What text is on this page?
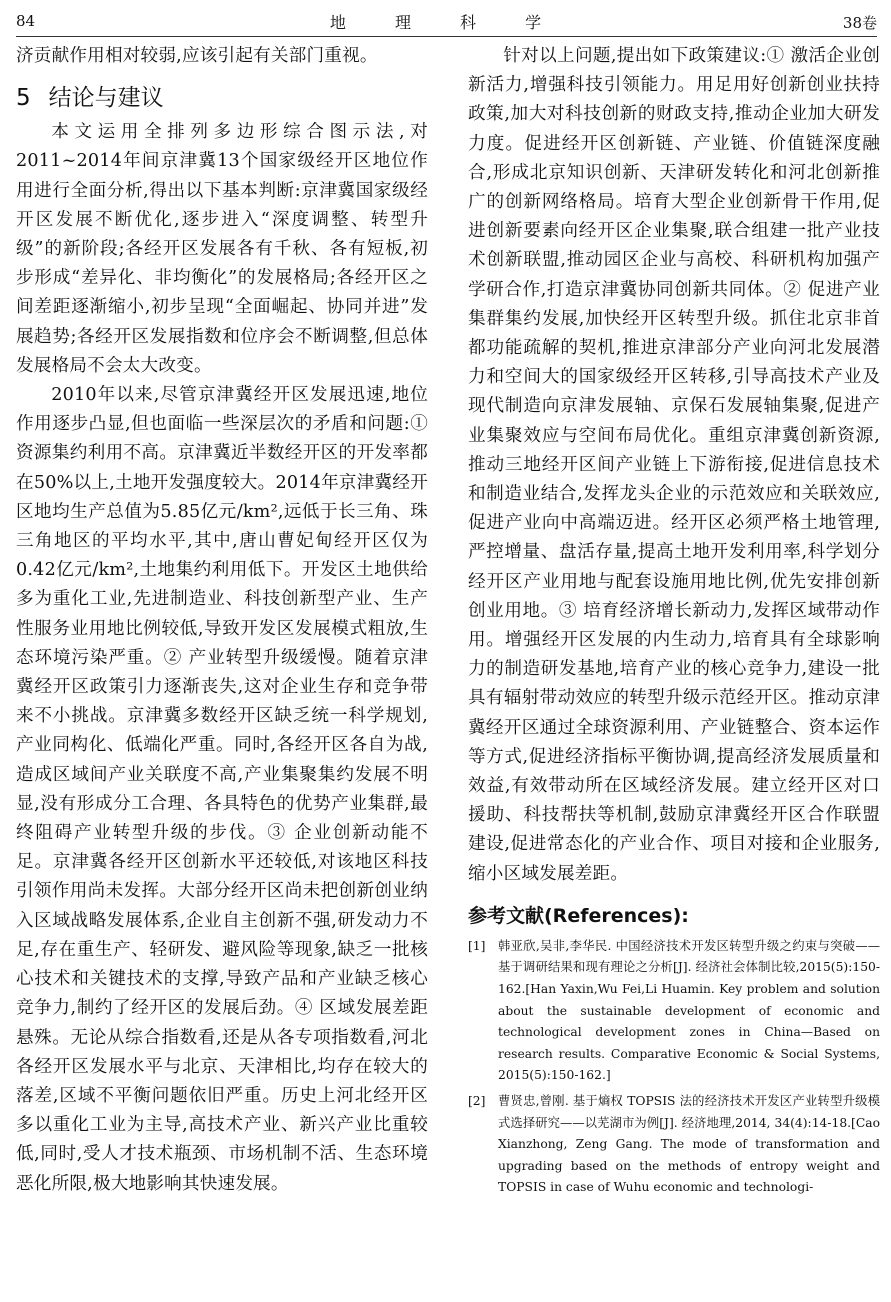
84	地 理 科 学	38卷

济贡献作用相对较弱,应该引起有关部门重视。

5 结论与建议

本文运用全排列多边形综合图示法,对2011~2014年间京津冀13个国家级经开区地位作用进行全面分析,得出以下基本判断:京津冀国家级经开区发展不断优化,逐步进入“深度调整、转型升级”的新阶段;各经开区发展各有千秋、各有短板,初步形成“差异化、非均衡化”的发展格局;各经开区之间差距逐渐缩小,初步呈现“全面崛起、协同并进”发展趋势;各经开区发展指数和位序会不断调整,但总体发展格局不会太大改变。

2010年以来,尽管京津冀经开区发展迅速,地位作用逐步凸显,但也面临一些深层次的矛盾和问题:① 资源集约利用不高。京津冀近半数经开区的开发率都在50%以上,土地开发强度较大。2014年京津冀经开区地均生产总值为5.85亿元/km²,远低于长三角、珠三角地区的平均水平,其中,唐山曹妃甸经开区仅为0.42亿元/km²,土地集约利用低下。开发区土地供给多为重化工业,先进制造业、科技创新型产业、生产性服务业用地比例较低,导致开发区发展模式粗放,生态环境污染严重。② 产业转型升级缓慢。随着京津冀经开区政策引力逐渐丧失,这对企业生存和竞争带来不小挑战。京津冀多数经开区缺乏统一科学规划,产业同构化、低端化严重。同时,各经开区各自为战,造成区域间产业关联度不高,产业集聚集约发展不明显,没有形成分工合理、各具特色的优势产业集群,最终阻碍产业转型升级的步伐。③ 企业创新动能不足。京津冀各经开区创新水平还较低,对该地区科技引领作用尚未发挥。大部分经开区尚未把创新创业纳入区域战略发展体系,企业自主创新不强,研发动力不足,存在重生产、轻研发、避风险等现象,缺乏一批核心技术和关键技术的支撑,导致产品和产业缺乏核心竞争力,制约了经开区的发展后劲。④ 区域发展差距悬殊。无论从综合指数看,还是从各专项指数看,河北各经开区发展水平与北京、天津相比,均存在较大的落差,区域不平衡问题依旧严重。历史上河北经开区多以重化工业为主导,高技术产业、新兴产业比重较低,同时,受人才技术瓶颈、市场机制不活、生态环境恶化所限,极大地影响其快速发展。

针对以上问题,提出如下政策建议:① 激活企业创新活力,增强科技引领能力。用足用好创新创业扶持政策,加大对科技创新的财政支持,推动企业加大研发力度。促进经开区创新链、产业链、价值链深度融合,形成北京知识创新、天津研发转化和河北创新推广的创新网络格局。培育大型企业创新骨干作用,促进创新要素向经开区企业集聚,联合组建一批产业技术创新联盟,推动园区企业与高校、科研机构加强产学研合作,打造京津冀协同创新共同体。② 促进产业集群集约发展,加快经开区转型升级。抓住北京非首都功能疏解的契机,推进京津部分产业向河北发展潜力和空间大的国家级经开区转移,引导高技术产业及现代制造向京津发展轴、京保石发展轴集聚,促进产业集聚效应与空间布局优化。重组京津冀创新资源,推动三地经开区间产业链上下游衔接,促进信息技术和制造业结合,发挥龙头企业的示范效应和关联效应,促进产业向中高端迈进。经开区必须严格土地管理,严控增量、盘活存量,提高土地开发利用率,科学划分经开区产业用地与配套设施用地比例,优先安排创新创业用地。③ 培育经济增长新动力,发挥区域带动作用。增强经开区发展的内生动力,培育具有全球影响力的制造研发基地,培育产业的核心竞争力,建设一批具有辐射带动效应的转型升级示范经开区。推动京津冀经开区通过全球资源利用、产业链整合、资本运作等方式,促进经济指标平衡协调,提高经济发展质量和效益,有效带动所在区域经济发展。建立经开区对口援助、科技帮扶等机制,鼓励京津冀经开区合作联盟建设,促进常态化的产业合作、项目对接和企业服务,缩小区域发展差距。

参考文献(References):
[1]	韩亚欣,吴非,李华民. 中国经济技术开发区转型升级之约束与突破——基于调研结果和现有理论之分析[J]. 经济社会体制比较,2015(5):150-162.[Han Yaxin,Wu Fei,Li Huamin. Key problem and solution about the sustainable development of economic and technological development zones in China—Based on research results. Comparative Economic & Social Systems, 2015(5):150-162.]
[2]	曹贤忠,曾刚. 基于熵权 TOPSIS 法的经济技术开发区产业转型升级模式选择研究——以芜湖市为例[J]. 经济地理,2014, 34(4):14-18.[Cao Xianzhong, Zeng Gang. The mode of transformation and upgrading based on the methods of entropy weight and TOPSIS in case of Wuhu economic and technologi-
